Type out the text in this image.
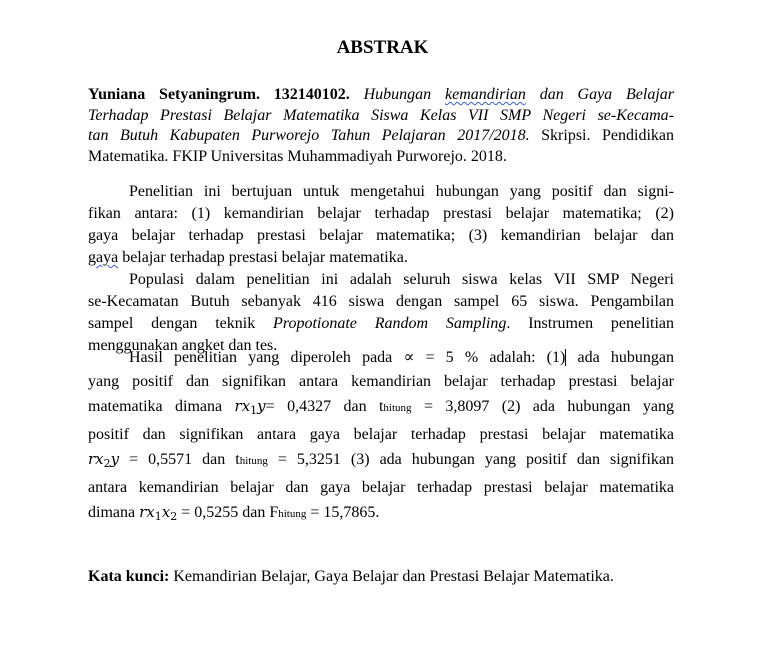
ABSTRAK
Yuniana Setyaningrum. 132140102. Hubungan kemandirian dan Gaya Belajar
Terhadap Prestasi Belajar Matematika Siswa Kelas VII SMP Negeri se-Kecama-
tan Butuh Kabupaten Purworejo Tahun Pelajaran 2017/2018. Skripsi. Pendidikan
Matematika. FKIP Universitas Muhammadiyah Purworejo. 2018.
Penelitian ini bertujuan untuk mengetahui hubungan yang positif dan signi-
fikan antara: (1) kemandirian belajar terhadap prestasi belajar matematika; (2)
gaya belajar terhadap prestasi belajar matematika; (3) kemandirian belajar dan
gaya belajar terhadap prestasi belajar matematika.
Populasi dalam penelitian ini adalah seluruh siswa kelas VII SMP Negeri
se-Kecamatan Butuh sebanyak 416 siswa dengan sampel 65 siswa. Pengambilan
sampel dengan teknik Propotionate Random Sampling. Instrumen penelitian
menggunakan angket dan tes.
Hasil penelitian yang diperoleh pada ∝ = 5 % adalah: (1) ada hubungan
yang positif dan signifikan antara kemandirian belajar terhadap prestasi belajar
matematika dimana rx1y= 0,4327 dan thitung = 3,8097 (2) ada hubungan yang
positif dan signifikan antara gaya belajar terhadap prestasi belajar matematika
rx2y = 0,5571 dan thitung = 5,3251 (3) ada hubungan yang positif dan signifikan
antara kemandirian belajar dan gaya belajar terhadap prestasi belajar matematika
dimana rx1x2 = 0,5255 dan Fhitung = 15,7865.
Kata kunci: Kemandirian Belajar, Gaya Belajar dan Prestasi Belajar Matematika.
